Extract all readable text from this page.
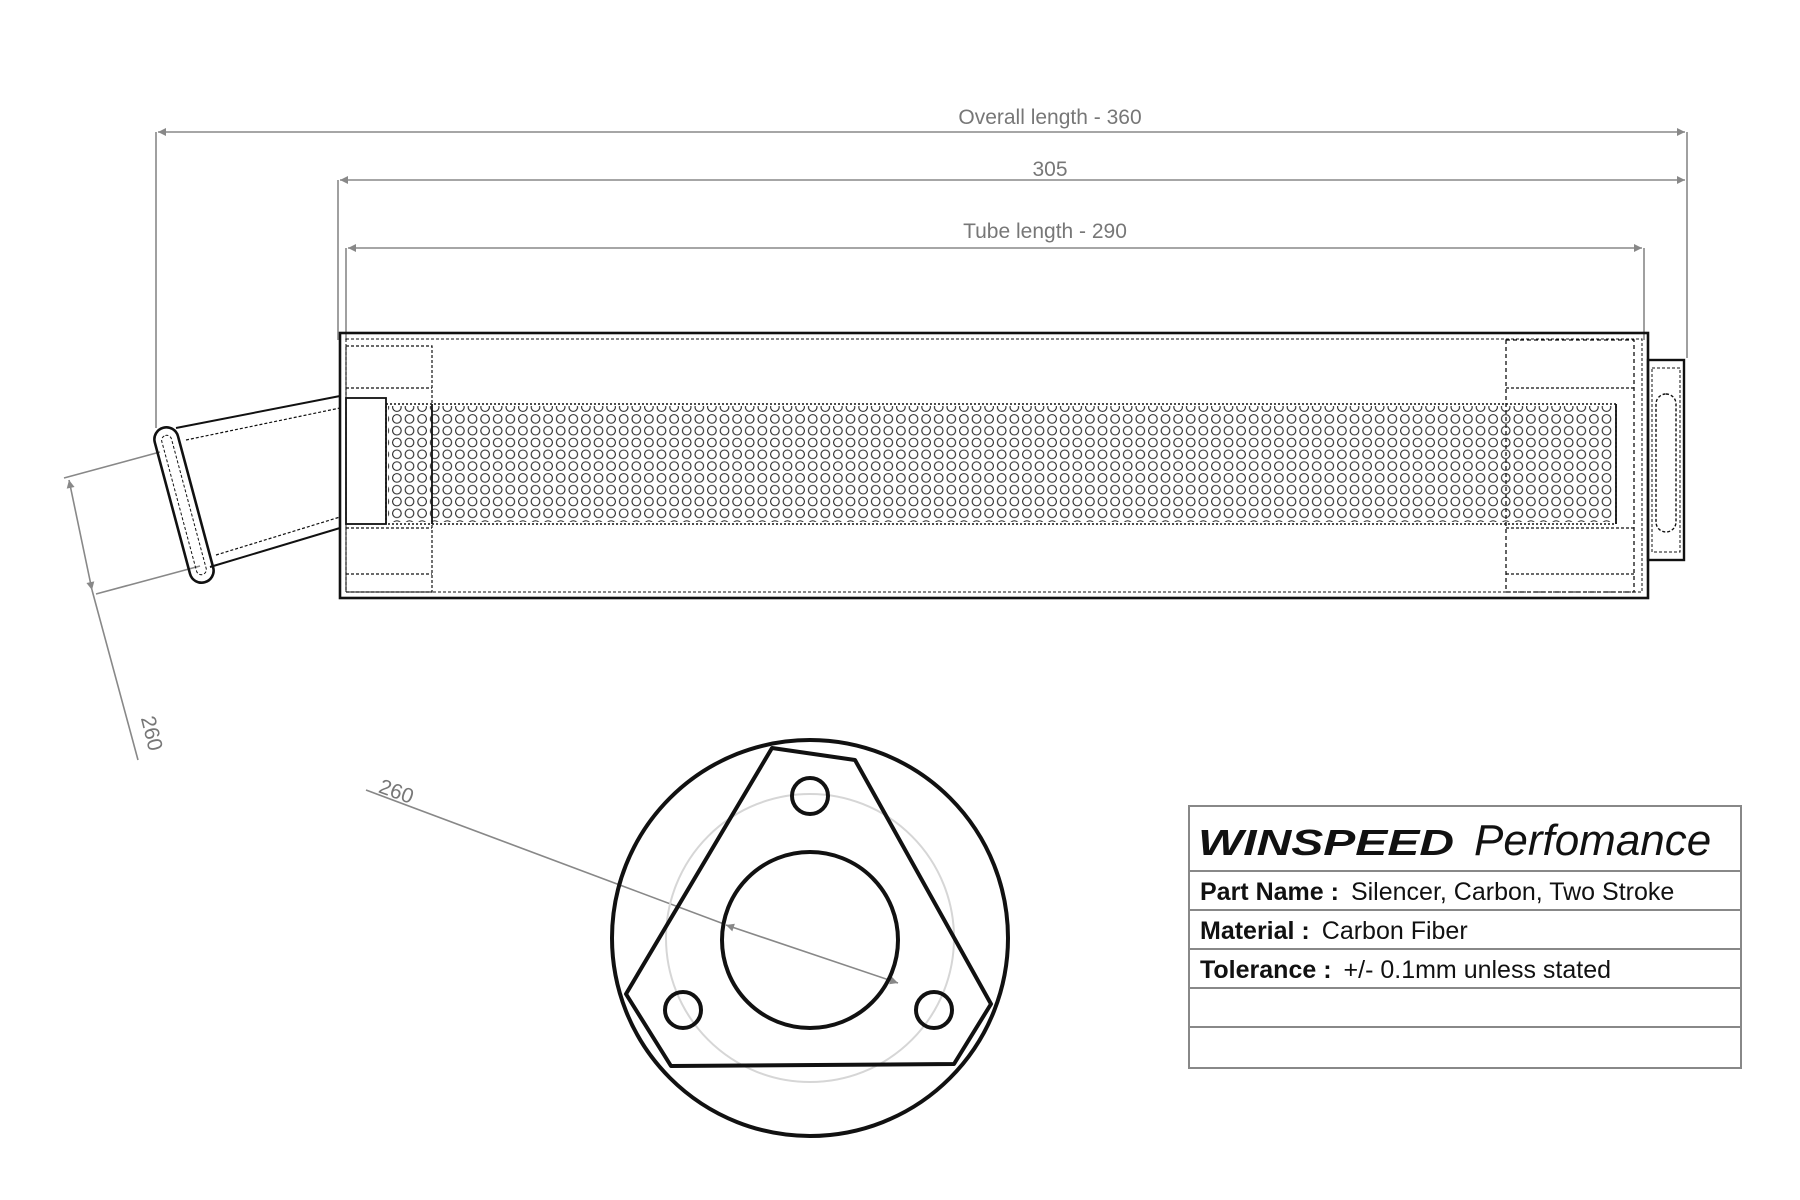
Overall length - 360
305
Tube length - 290
260
260
WINSPEED Perfomance
Part Name : Silencer, Carbon, Two Stroke
Material : Carbon Fiber
Tolerance : +/- 0.1mm unless stated
